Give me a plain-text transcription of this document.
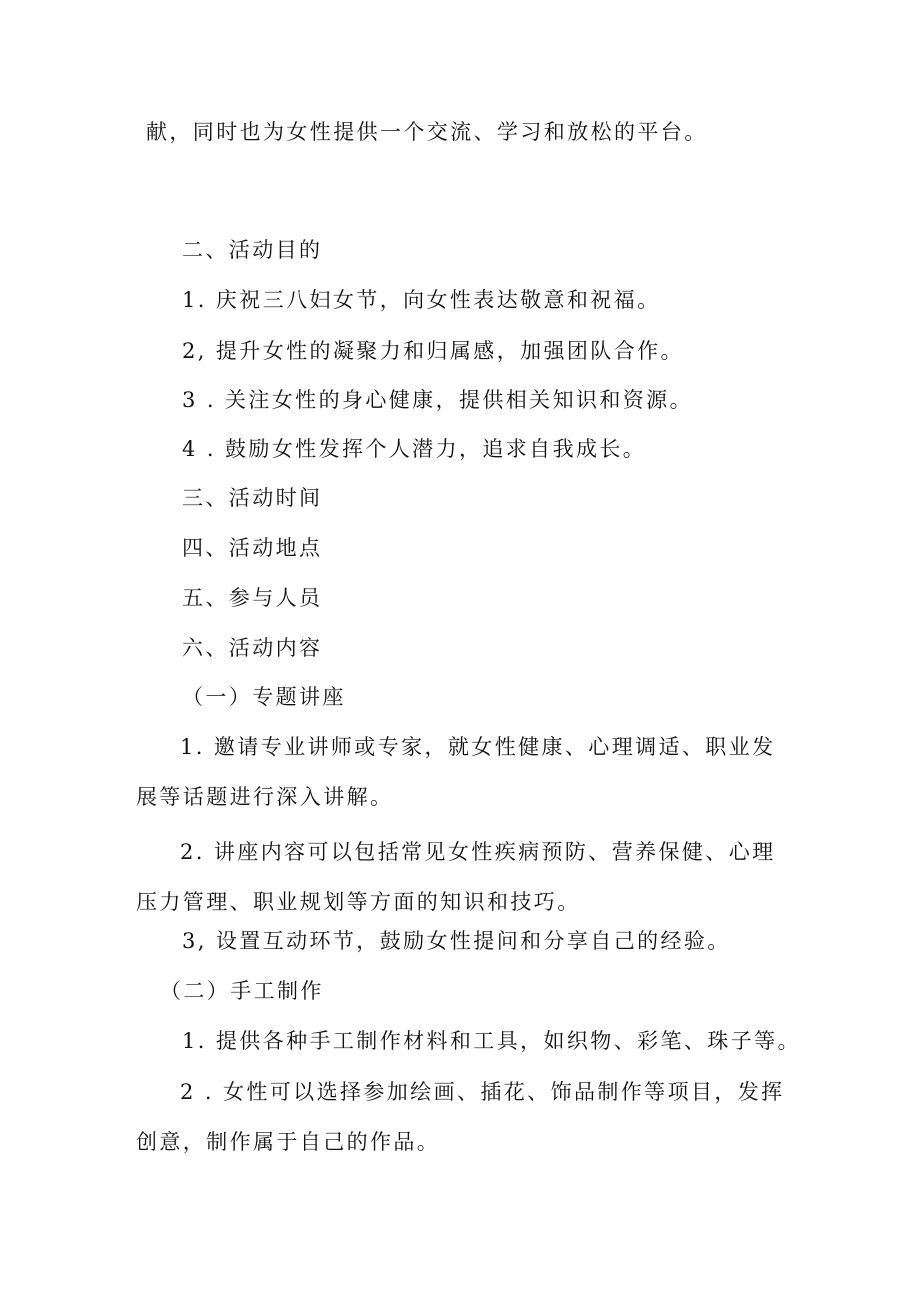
献，同时也为女性提供一个交流、学习和放松的平台。
二、活动目的
1. 庆祝三八妇女节，向女性表达敬意和祝福。
2, 提升女性的凝聚力和归属感，加强团队合作。
3 . 关注女性的身心健康，提供相关知识和资源。
4 . 鼓励女性发挥个人潜力，追求自我成长。
三、活动时间
四、活动地点
五、参与人员
六、活动内容
（一）专题讲座
1. 邀请专业讲师或专家，就女性健康、心理调适、职业发展等话题进行深入讲解。
2. 讲座内容可以包括常见女性疾病预防、营养保健、心理压力管理、职业规划等方面的知识和技巧。
3, 设置互动环节，鼓励女性提问和分享自己的经验。
（二）手工制作
1. 提供各种手工制作材料和工具，如织物、彩笔、珠子等。
2 . 女性可以选择参加绘画、插花、饰品制作等项目，发挥创意，制作属于自己的作品。
